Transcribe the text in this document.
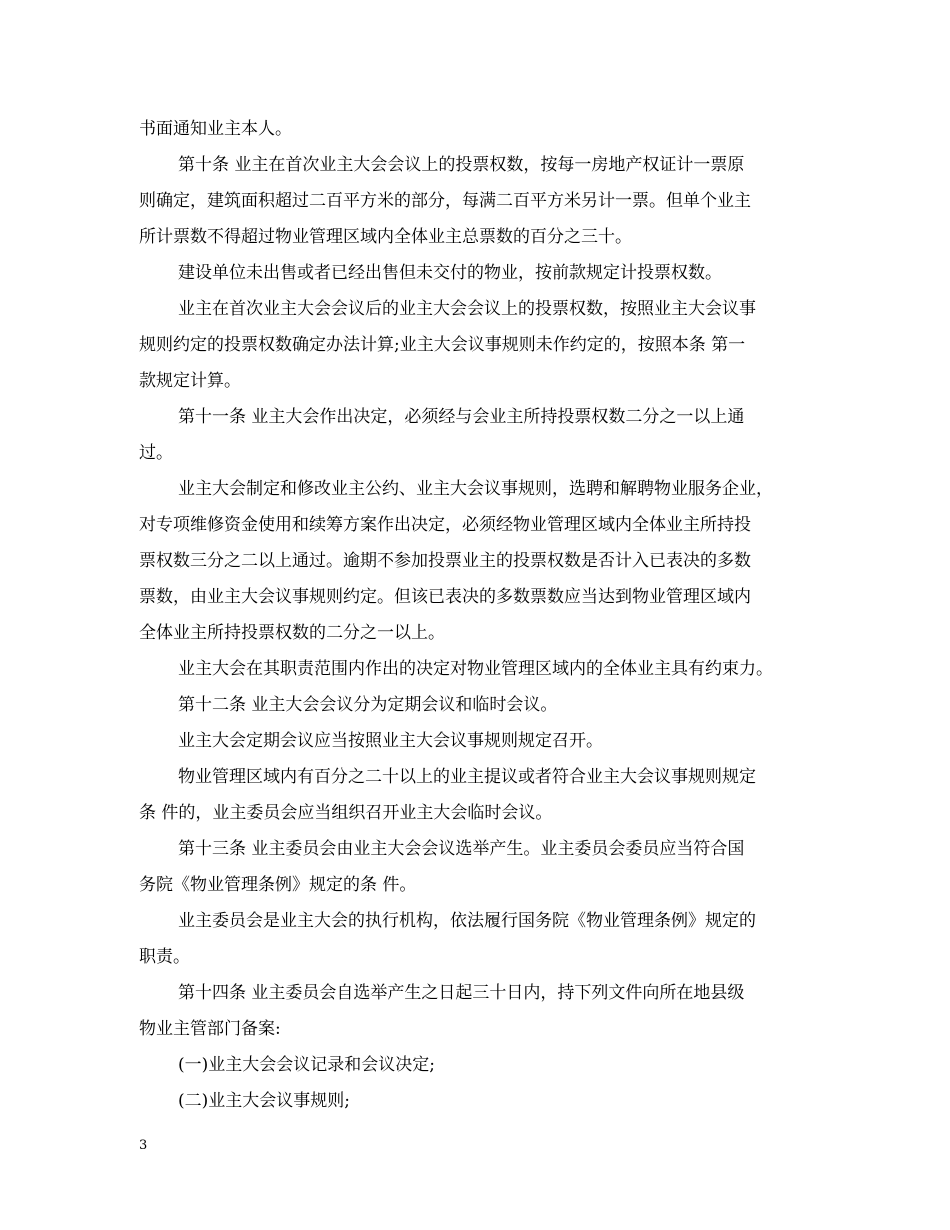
书面通知业主本人。
第十条 业主在首次业主大会会议上的投票权数，按每一房地产权证计一票原
则确定，建筑面积超过二百平方米的部分，每满二百平方米另计一票。但单个业主
所计票数不得超过物业管理区域内全体业主总票数的百分之三十。
建设单位未出售或者已经出售但未交付的物业，按前款规定计投票权数。
业主在首次业主大会会议后的业主大会会议上的投票权数，按照业主大会议事
规则约定的投票权数确定办法计算;业主大会议事规则未作约定的，按照本条 第一
款规定计算。
第十一条 业主大会作出决定，必须经与会业主所持投票权数二分之一以上通
过。
业主大会制定和修改业主公约、业主大会议事规则，选聘和解聘物业服务企业，
对专项维修资金使用和续筹方案作出决定，必须经物业管理区域内全体业主所持投
票权数三分之二以上通过。逾期不参加投票业主的投票权数是否计入已表决的多数
票数，由业主大会议事规则约定。但该已表决的多数票数应当达到物业管理区域内
全体业主所持投票权数的二分之一以上。
业主大会在其职责范围内作出的决定对物业管理区域内的全体业主具有约束力。
第十二条 业主大会会议分为定期会议和临时会议。
业主大会定期会议应当按照业主大会议事规则规定召开。
物业管理区域内有百分之二十以上的业主提议或者符合业主大会议事规则规定
条 件的，业主委员会应当组织召开业主大会临时会议。
第十三条 业主委员会由业主大会会议选举产生。业主委员会委员应当符合国
务院《物业管理条例》规定的条 件。
业主委员会是业主大会的执行机构，依法履行国务院《物业管理条例》规定的
职责。
第十四条 业主委员会自选举产生之日起三十日内，持下列文件向所在地县级
物业主管部门备案:
(一)业主大会会议记录和会议决定;
(二)业主大会议事规则;
3
